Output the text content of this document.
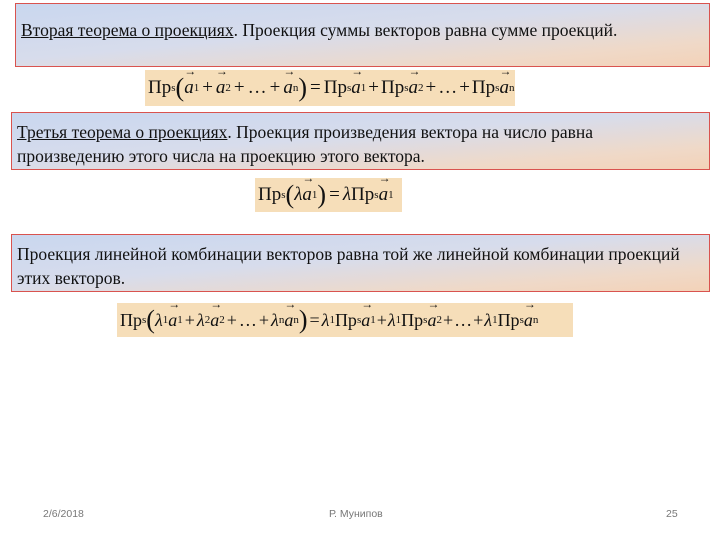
Вторая теорема о проекциях. Проекция суммы векторов равна сумме проекций.
Пр s ( → a 1 + → a 2 + … + → a n ) = Пр s → a 1 + Пр s → a 2 + … + Пр s → a n
Третья теорема о проекциях. Проекция произведения вектора на число равна произведению этого числа на проекцию этого вектора.
Пр s ( λ → a 1 ) = λ Пр s → a 1
Проекция линейной комбинации векторов равна той же линейной комбинации проекций этих векторов.
Пр s ( λ 1 → a 1 + λ 2 → a 2 + … + λ n → a n ) = λ 1 Пр s → a 1 + λ 1 Пр s → a 2 + … + λ 1 Пр s → a n
2/6/2018	Р. Мунипов	25
